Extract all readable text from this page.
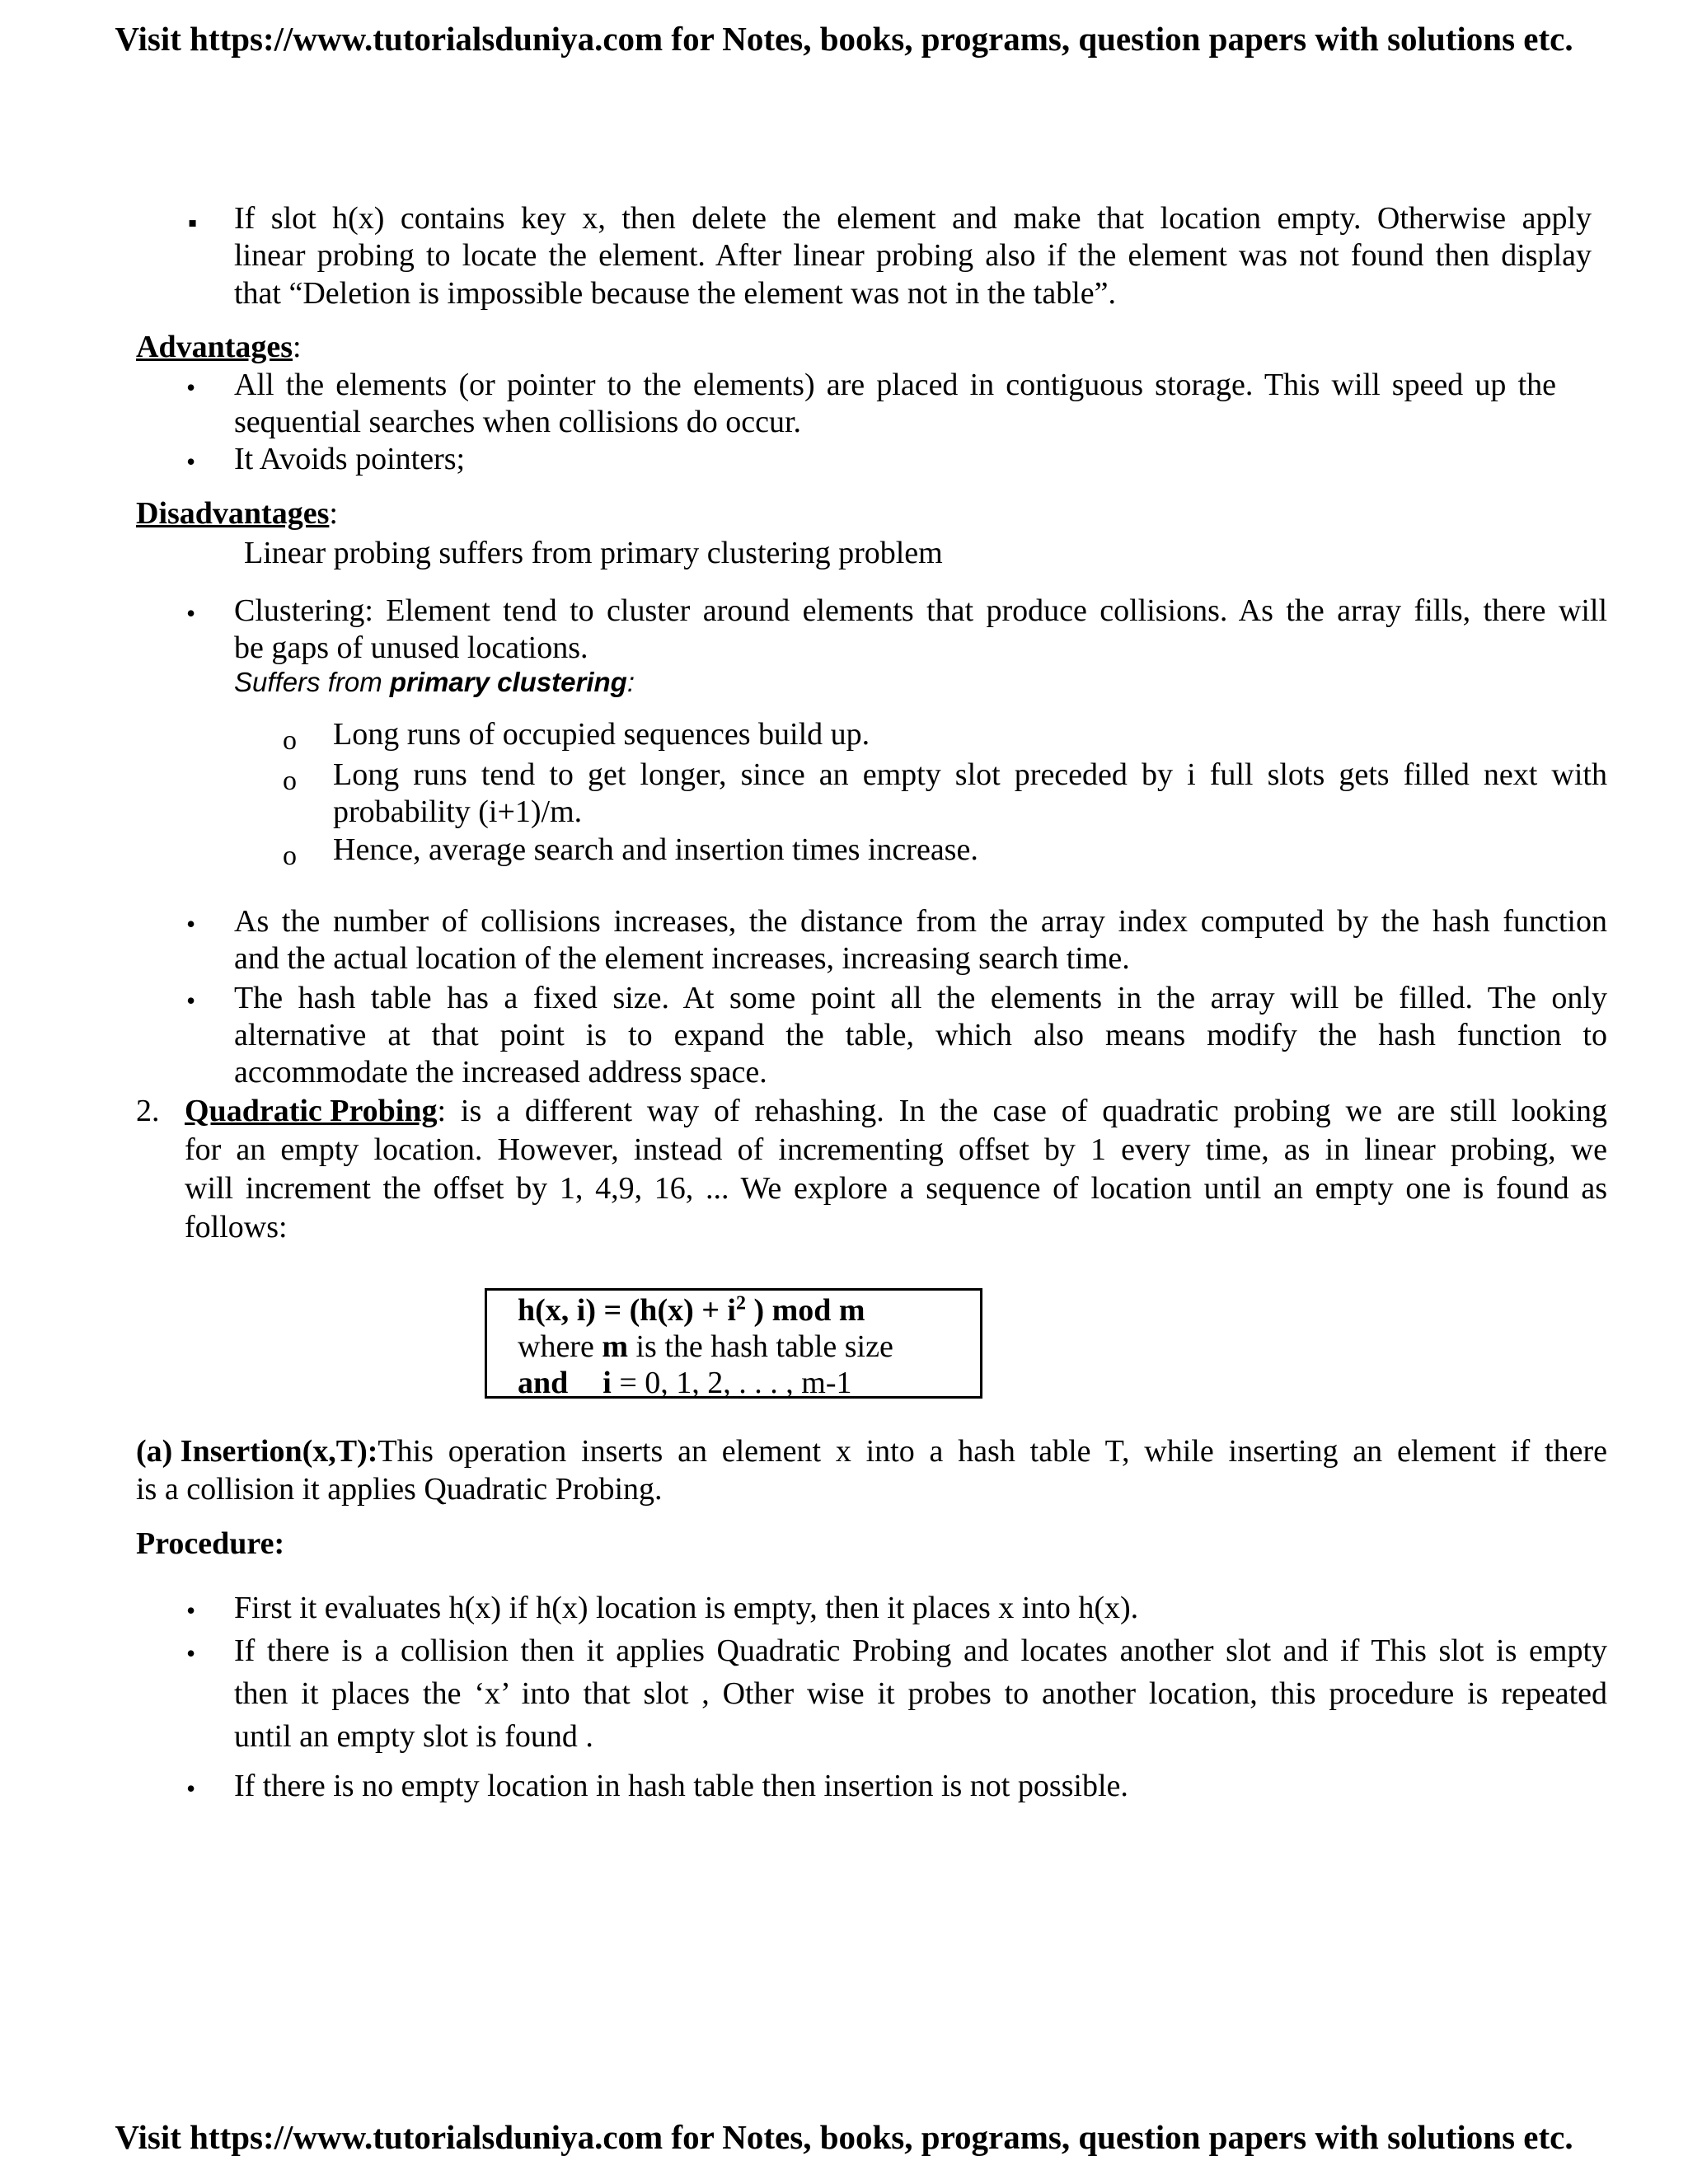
Visit https://www.tutorialsduniya.com for Notes, books, programs, question papers with solutions etc.
Visit https://www.tutorialsduniya.com for Notes, books, programs, question papers with solutions etc.
▪ If slot h(x) contains key x, then delete the element and make that location empty. Otherwise apply
linear probing to locate the element. After linear probing also if the element was not found then display
that “Deletion is impossible because the element was not in the table”.
Advantages:
• All the elements (or pointer to the elements) are placed in contiguous storage. This will speed up the
sequential searches when collisions do occur.
• It Avoids pointers;
Disadvantages:
Linear probing suffers from primary clustering problem
• Clustering: Element tend to cluster around elements that produce collisions. As the array fills, there will
be gaps of unused locations.
Suffers from primary clustering:
o Long runs of occupied sequences build up.
o Long runs tend to get longer, since an empty slot preceded by i full slots gets filled next with
probability (i+1)/m.
o Hence, average search and insertion times increase.
• As the number of collisions increases, the distance from the array index computed by the hash function
and the actual location of the element increases, increasing search time.
• The hash table has a fixed size. At some point all the elements in the array will be filled. The only
alternative at that point is to expand the table, which also means modify the hash function to
accommodate the increased address space.
2. Quadratic Probing : is a different way of rehashing. In the case of quadratic probing we are still looking
for an empty location. However, instead of incrementing offset by 1 every time, as in linear probing, we
will increment the offset by 1, 4,9, 16, ... We explore a sequence of location until an empty one is found as
follows:
h(x, $i) = (h(x) + i^2$ ) mod m
where m is the hash table size
and i = 0, 1, 2, . . . , m-1
(a) Insertion(x,T): This operation inserts an element x into a hash table T, while inserting an element if there
is a collision it applies Quadratic Probing.
Procedure:
• First it evaluates h(x) if h(x) location is empty, then it places x into h(x).
• If there is a collision then it applies Quadratic Probing and locates another slot and if This slot is empty
then it places the ‘x’ into that slot , Other wise it probes to another location, this procedure is repeated
until an empty slot is found .
• If there is no empty location in hash table then insertion is not possible.
